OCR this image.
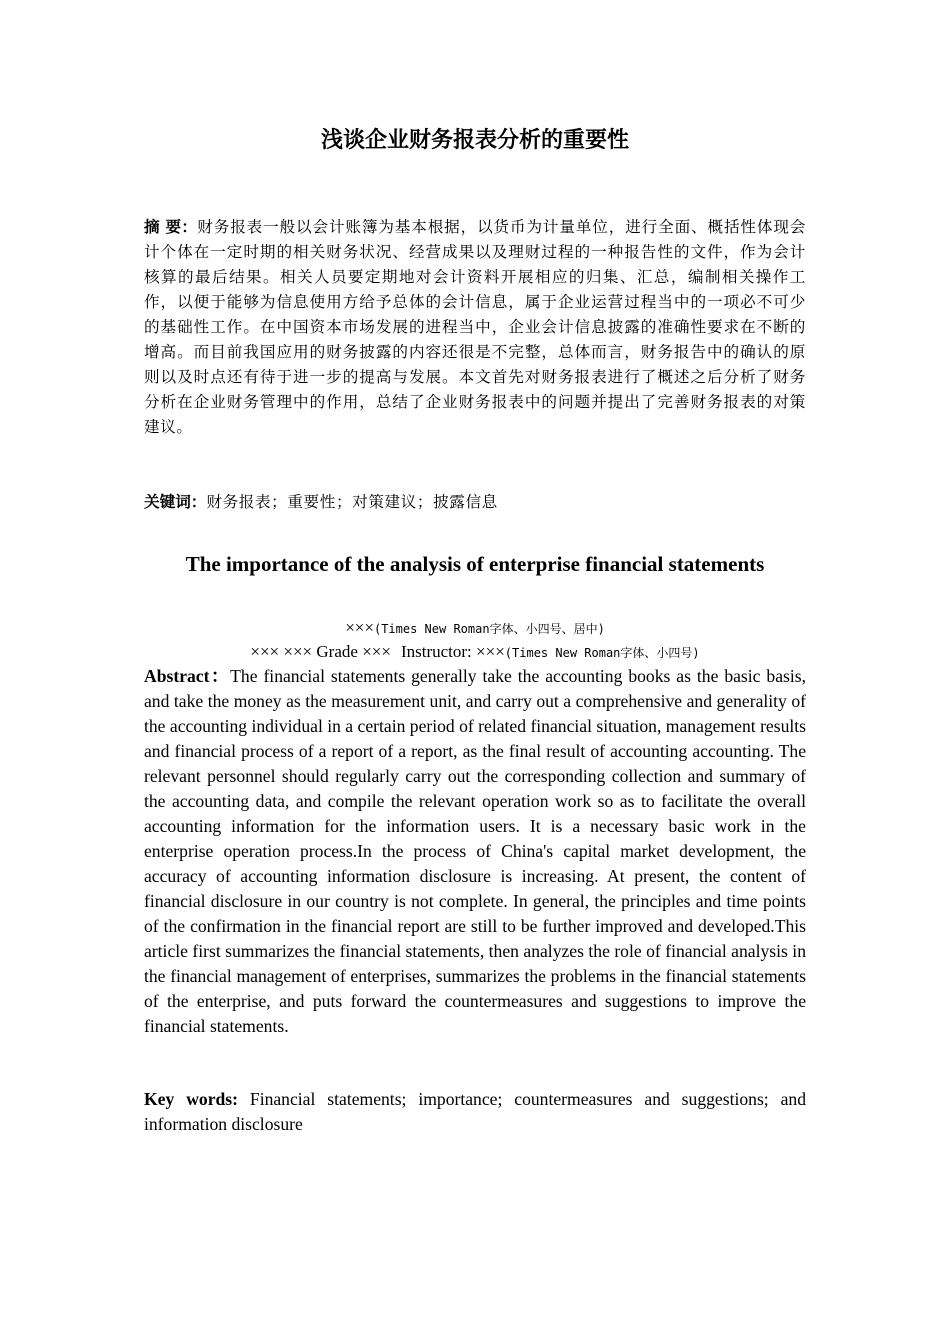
浅谈企业财务报表分析的重要性

摘 要：财务报表一般以会计账簿为基本根据，以货币为计量单位，进行全面、概括性体现会计个体在一定时期的相关财务状况、经营成果以及理财过程的一种报告性的文件，作为会计核算的最后结果。相关人员要定期地对会计资料开展相应的归集、汇总，编制相关操作工作，以便于能够为信息使用方给予总体的会计信息，属于企业运营过程当中的一项必不可少的基础性工作。在中国资本市场发展的进程当中，企业会计信息披露的准确性要求在不断的增高。而目前我国应用的财务披露的内容还很是不完整，总体而言，财务报告中的确认的原则以及时点还有待于进一步的提高与发展。本文首先对财务报表进行了概述之后分析了财务分析在企业财务管理中的作用，总结了企业财务报表中的问题并提出了完善财务报表的对策建议。

关键词：财务报表；重要性；对策建议；披露信息

The importance of the analysis of enterprise financial statements

×××(Times New Roman字体、小四号、居中)

××× ××× Grade ××× Instructor: ×××(Times New Roman字体、小四号)

Abstract：The financial statements generally take the accounting books as the basic basis, and take the money as the measurement unit, and carry out a comprehensive and generality of the accounting individual in a certain period of related financial situation, management results and financial process of a report of a report, as the final result of accounting accounting. The relevant personnel should regularly carry out the corresponding collection and summary of the accounting data, and compile the relevant operation work so as to facilitate the overall accounting information for the information users. It is a necessary basic work in the enterprise operation process.In the process of China's capital market development, the accuracy of accounting information disclosure is increasing. At present, the content of financial disclosure in our country is not complete. In general, the principles and time points of the confirmation in the financial report are still to be further improved and developed.This article first summarizes the financial statements, then analyzes the role of financial analysis in the financial management of enterprises, summarizes the problems in the financial statements of the enterprise, and puts forward the countermeasures and suggestions to improve the financial statements.

Key words: Financial statements; importance; countermeasures and suggestions; and information disclosure
